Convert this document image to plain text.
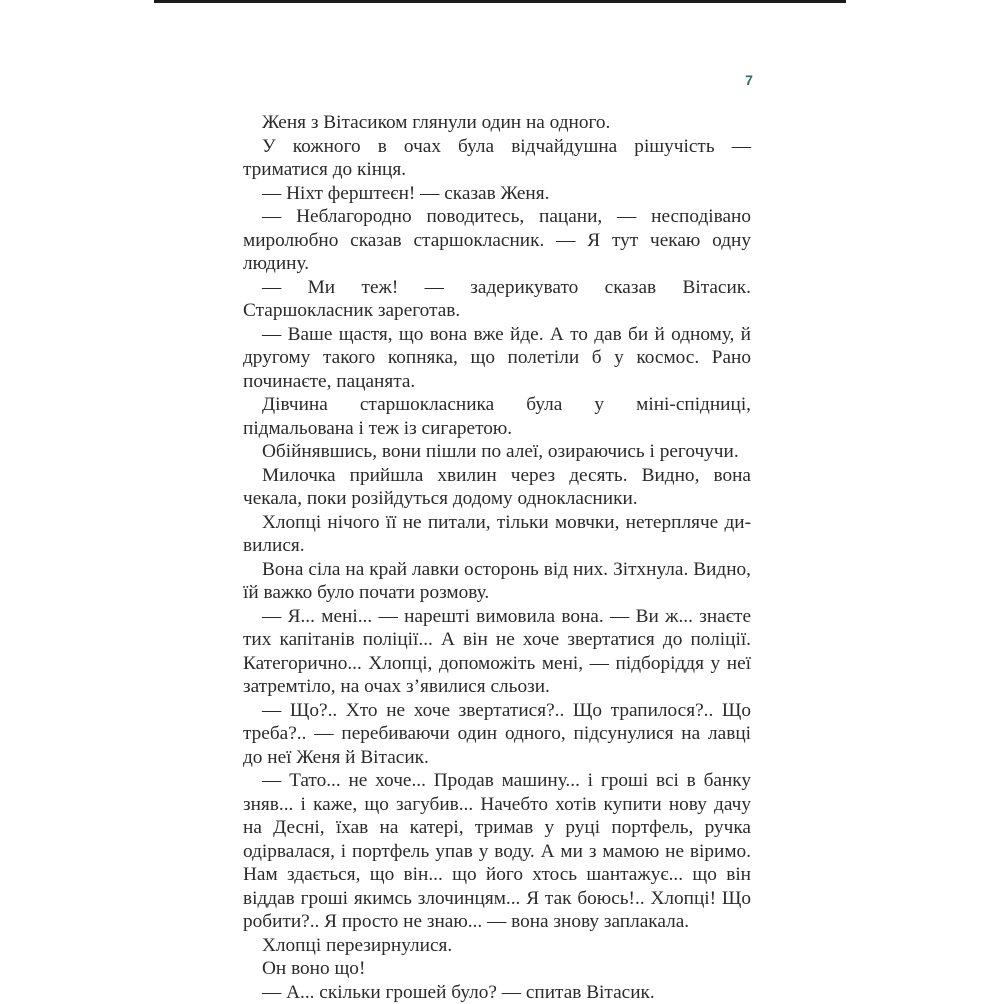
7

Женя з Вітасиком глянули один на одного.

У кожного в очах була відчайдушна рішучість — триматися до кінця.

— Ніхт ферштеєн! — сказав Женя.

— Неблагородно поводитесь, пацани, — несподівано миролюбно сказав старшокласник. — Я тут чекаю одну людину.

— Ми теж! — задерикувато сказав Вітасик. Старшокласник зареготав.

— Ваше щастя, що вона вже йде. А то дав би й одному, й другому такого копняка, що полетіли б у космос. Рано починаєте, пацанята.

Дівчина старшокласника була у міні-спідниці, підмальована і теж із сигаретою.

Обійнявшись, вони пішли по алеї, озираючись і регочучи.

Милочка прийшла хвилин через десять. Видно, вона чекала, поки розійдуться додому однокласники.

Хлопці нічого її не питали, тільки мовчки, нетерпляче дивилися.

Вона сіла на край лавки осторонь від них. Зітхнула. Видно, їй важко було почати розмову.

— Я... мені... — нарешті вимовила вона. — Ви ж... знаєте тих капітанів поліції... А він не хоче звертатися до поліції. Категорично... Хлопці, допоможіть мені, — підборіддя у неї затремтіло, на очах з’явилися сльози.

— Що?.. Хто не хоче звертатися?.. Що трапилося?.. Що треба?.. — перебиваючи один одного, підсунулися на лавці до неї Женя й Вітасик.

— Тато... не хоче... Продав машину... і гроші всі в банку зняв... і каже, що загубив... Начебто хотів купити нову дачу на Десні, їхав на катері, тримав у руці портфель, ручка одірвалася, і портфель упав у воду. А ми з мамою не віримо. Нам здається, що він... що його хтось шантажує... що він віддав гроші якимсь злочинцям... Я так боюсь!.. Хлопці! Що робити?.. Я просто не знаю... — вона знову заплакала.

Хлопці перезирнулися.

Он воно що!

— А... скільки грошей було? — спитав Вітасик.
